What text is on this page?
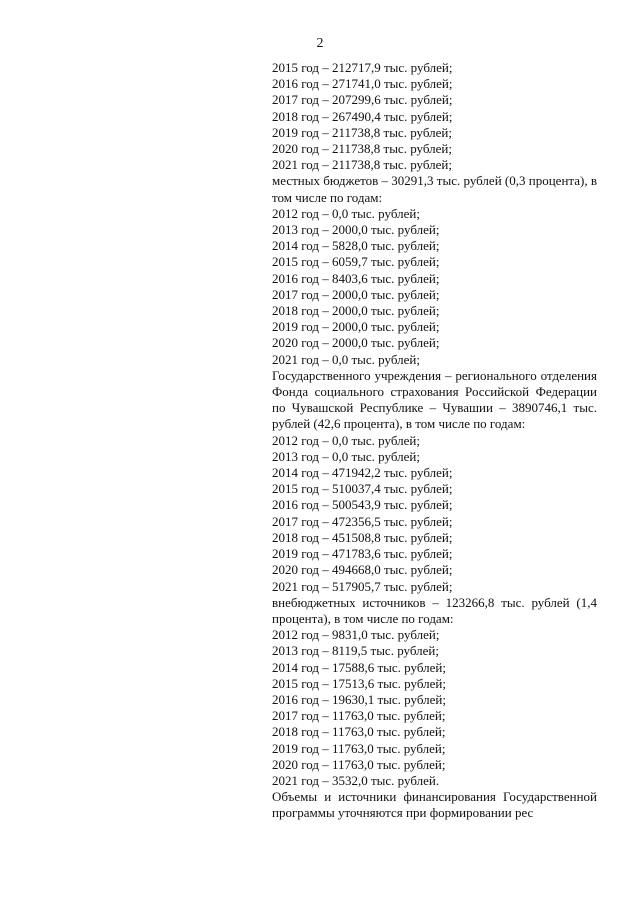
2
2015 год – 212717,9 тыс. рублей;
2016 год – 271741,0 тыс. рублей;
2017 год – 207299,6 тыс. рублей;
2018 год – 267490,4 тыс. рублей;
2019 год – 211738,8 тыс. рублей;
2020 год – 211738,8 тыс. рублей;
2021 год – 211738,8 тыс. рублей;
местных бюджетов – 30291,3 тыс. рублей (0,3 процента), в том числе по годам:
2012 год – 0,0 тыс. рублей;
2013 год – 2000,0 тыс. рублей;
2014 год – 5828,0 тыс. рублей;
2015 год – 6059,7 тыс. рублей;
2016 год – 8403,6 тыс. рублей;
2017 год – 2000,0 тыс. рублей;
2018 год – 2000,0 тыс. рублей;
2019 год – 2000,0 тыс. рублей;
2020 год – 2000,0 тыс. рублей;
2021 год – 0,0 тыс. рублей;
Государственного учреждения – регионального отделения Фонда социального страхования Российской Федерации по Чувашской Республике – Чувашии – 3890746,1 тыс. рублей (42,6 процента), в том числе по годам:
2012 год – 0,0 тыс. рублей;
2013 год – 0,0 тыс. рублей;
2014 год – 471942,2 тыс. рублей;
2015 год – 510037,4 тыс. рублей;
2016 год – 500543,9 тыс. рублей;
2017 год – 472356,5 тыс. рублей;
2018 год – 451508,8 тыс. рублей;
2019 год – 471783,6 тыс. рублей;
2020 год – 494668,0 тыс. рублей;
2021 год – 517905,7 тыс. рублей;
внебюджетных источников – 123266,8 тыс. рублей (1,4 процента), в том числе по годам:
2012 год – 9831,0 тыс. рублей;
2013 год – 8119,5 тыс. рублей;
2014 год – 17588,6 тыс. рублей;
2015 год – 17513,6 тыс. рублей;
2016 год – 19630,1 тыс. рублей;
2017 год – 11763,0 тыс. рублей;
2018 год – 11763,0 тыс. рублей;
2019 год – 11763,0 тыс. рублей;
2020 год – 11763,0 тыс. рублей;
2021 год – 3532,0 тыс. рублей.
Объемы и источники финансирования Государственной программы уточняются при формировании рес
